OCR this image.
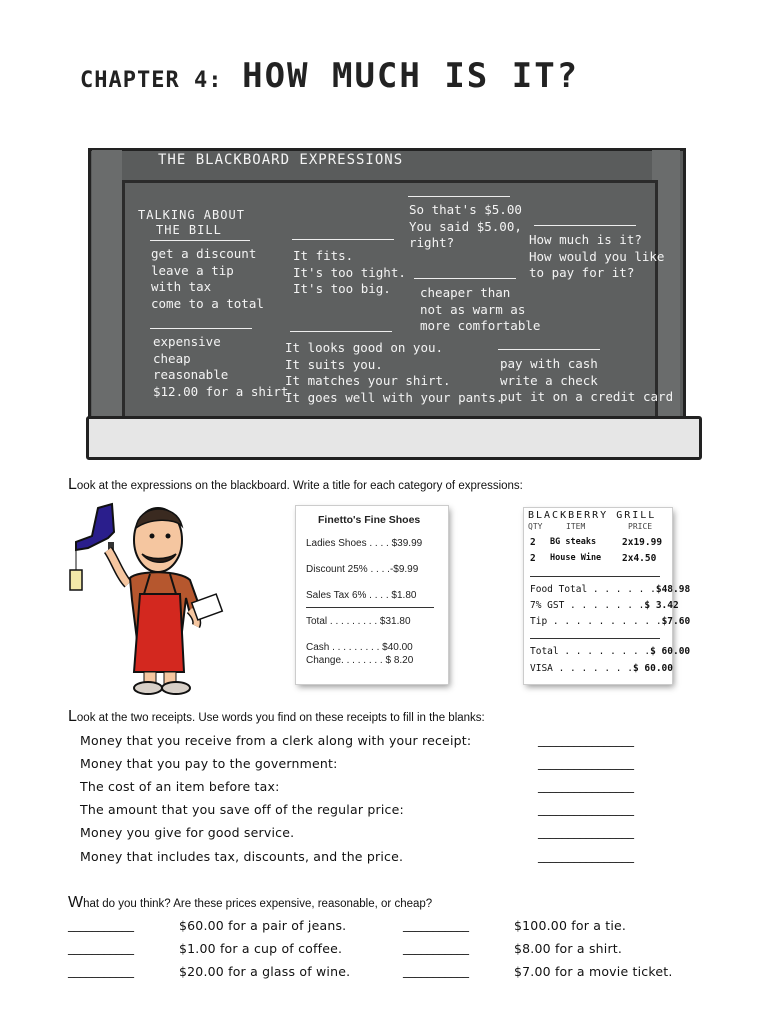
CHAPTER 4: HOW MUCH IS IT?
THE BLACKBOARD EXPRESSIONS
TALKING ABOUT
THE BILL
get a discount
leave a tip
with tax
come to a total
expensive
cheap
reasonable
$12.00 for a shirt
It fits.
It's too tight.
It's too big.
It looks good on you.
It suits you.
It matches your shirt.
It goes well with your pants.
So that's $5.00
You said $5.00,
right?
cheaper than
not as warm as
more comfortable
How much is it?
How would you like
to pay for it?
pay with cash
write a check
put it on a credit card
Look at the expressions on the blackboard. Write a title for each category of expressions:
Finetto's Fine Shoes
Ladies Shoes . . . . $39.99
Discount 25% . . . .-$9.99
Sales Tax 6% . . . . $1.80
Total . . . . . . . . . $31.80
Cash . . . . . . . . . $40.00
Change. . . . . . . . $ 8.20
BLACKBERRY GRILL
QTY	ITEM	PRICE
2 BG steaks	2x19.99
2 House Wine 2x4.50
Food Total . . . . . .$48.98
7% GST . . . . . . .$ 3.42
Tip . . . . . . . . . .$7.60
Total . . . . . . . .$ 60.00
VISA . . . . . . .$ 60.00
Look at the two receipts. Use words you find on these receipts to fill in the blanks:
Money that you receive from a clerk along with your receipt:	________________
Money that you pay to the government:	________________
The cost of an item before tax:	________________
The amount that you save off of the regular price:	________________
Money you give for good service.	________________
Money that includes tax, discounts, and the price.	________________
What do you think? Are these prices expensive, reasonable, or cheap?
___________	$60.00 for a pair of jeans.	___________	$100.00 for a tie.
___________	$1.00 for a cup of coffee.	___________	$8.00 for a shirt.
___________	$20.00 for a glass of wine.	___________	$7.00 for a movie ticket.
